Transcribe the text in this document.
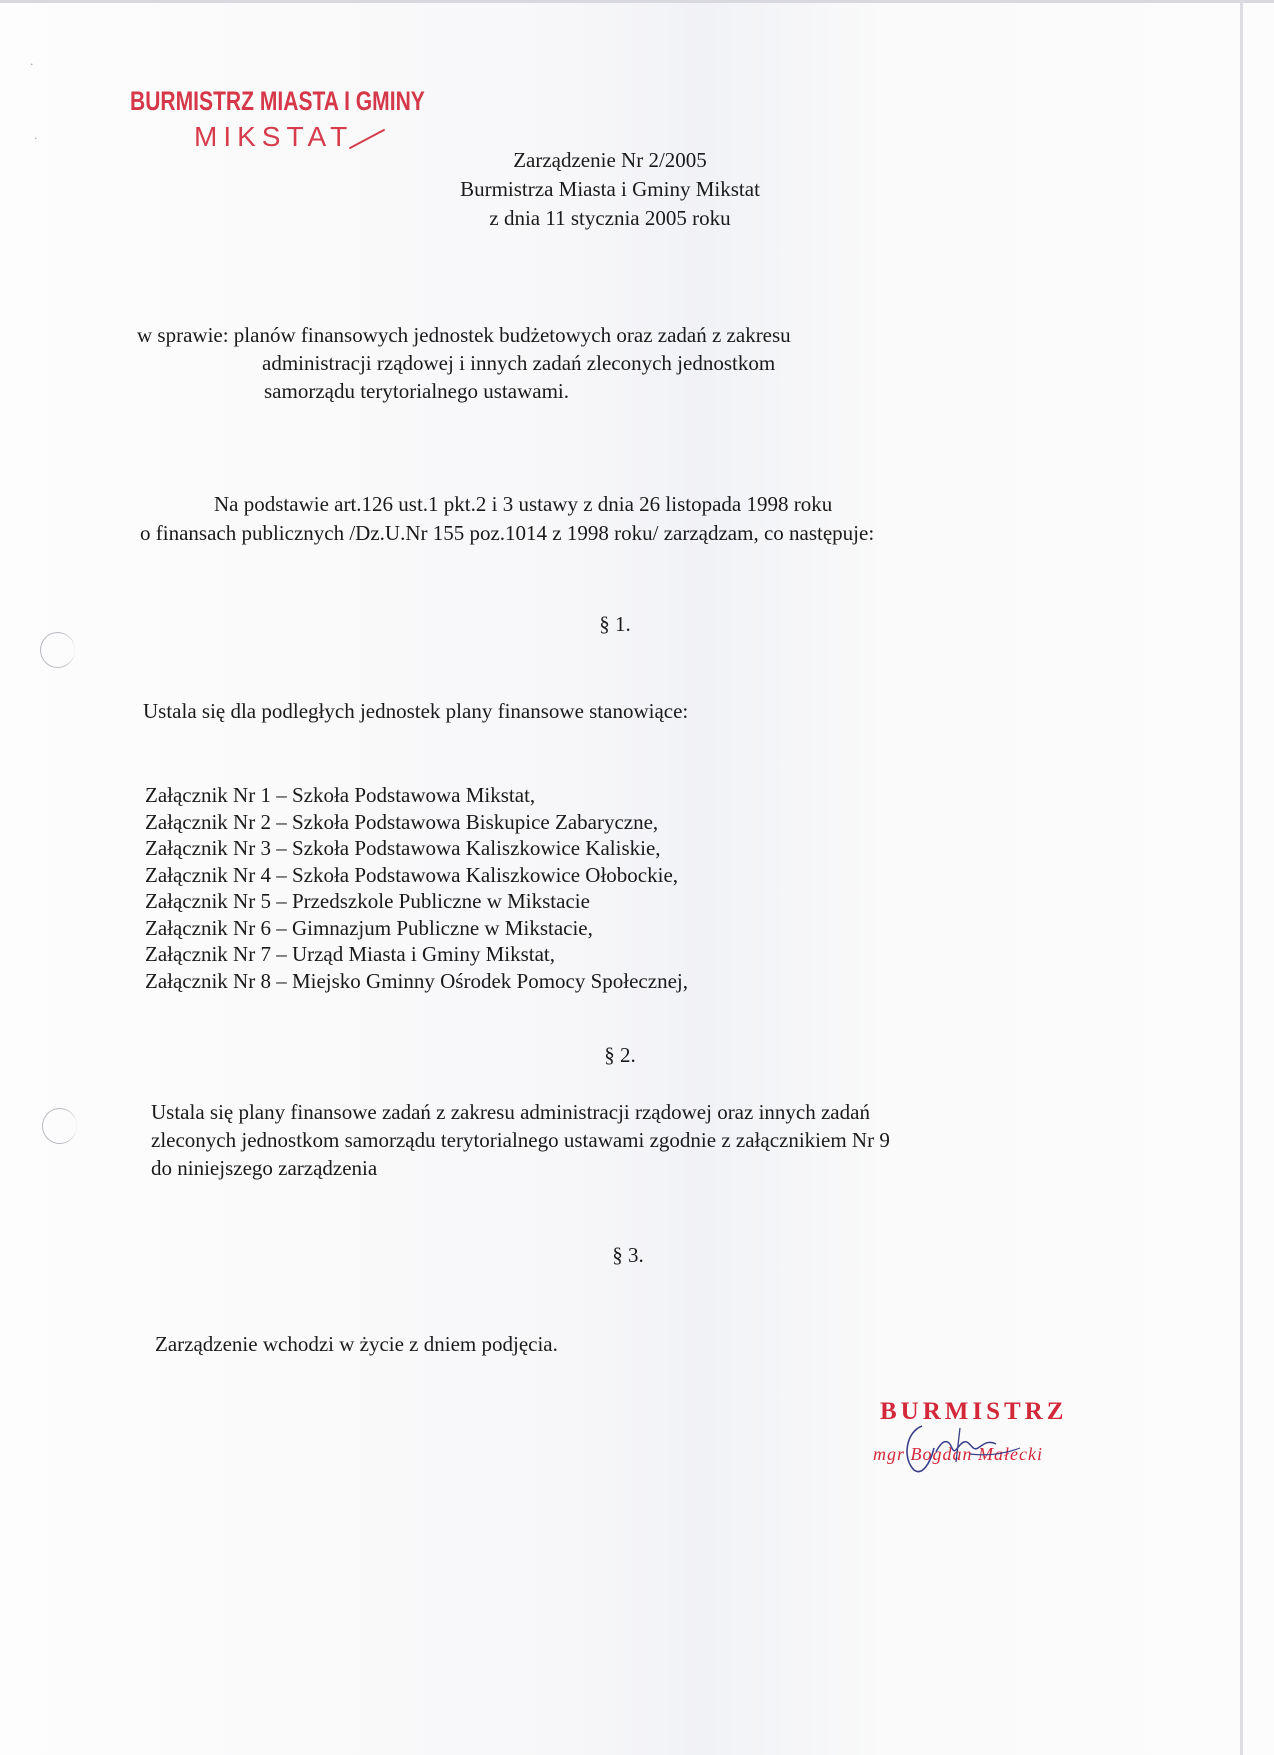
·
·
BURMISTRZ MIASTA I GMINY
MIKSTAT
Zarządzenie Nr 2/2005
Burmistrza Miasta i Gminy Mikstat
z dnia 11 stycznia 2005 roku
w sprawie: planów finansowych jednostek budżetowych oraz zadań z zakresu
administracji rządowej i innych zadań zleconych jednostkom
samorządu terytorialnego ustawami.
Na podstawie art.126 ust.1 pkt.2 i 3 ustawy z dnia 26 listopada 1998 roku
o finansach publicznych /Dz.U.Nr 155 poz.1014 z 1998 roku/ zarządzam, co następuje:
§ 1.
Ustala się dla podległych jednostek plany finansowe stanowiące:
Załącznik Nr 1 – Szkoła Podstawowa Mikstat,
Załącznik Nr 2 – Szkoła Podstawowa Biskupice Zabaryczne,
Załącznik Nr 3 – Szkoła Podstawowa Kaliszkowice Kaliskie,
Załącznik Nr 4 – Szkoła Podstawowa Kaliszkowice Ołobockie,
Załącznik Nr 5 – Przedszkole Publiczne w Mikstacie
Załącznik Nr 6 – Gimnazjum Publiczne w Mikstacie,
Załącznik Nr 7 – Urząd Miasta i Gminy Mikstat,
Załącznik Nr 8 – Miejsko Gminny Ośrodek Pomocy Społecznej,
§ 2.
Ustala się plany finansowe zadań z zakresu administracji rządowej oraz innych zadań
zleconych jednostkom samorządu terytorialnego ustawami zgodnie z załącznikiem Nr 9
do niniejszego zarządzenia
§ 3.
Zarządzenie wchodzi w życie z dniem podjęcia.
BURMISTRZ
mgr Bogdan Małecki
